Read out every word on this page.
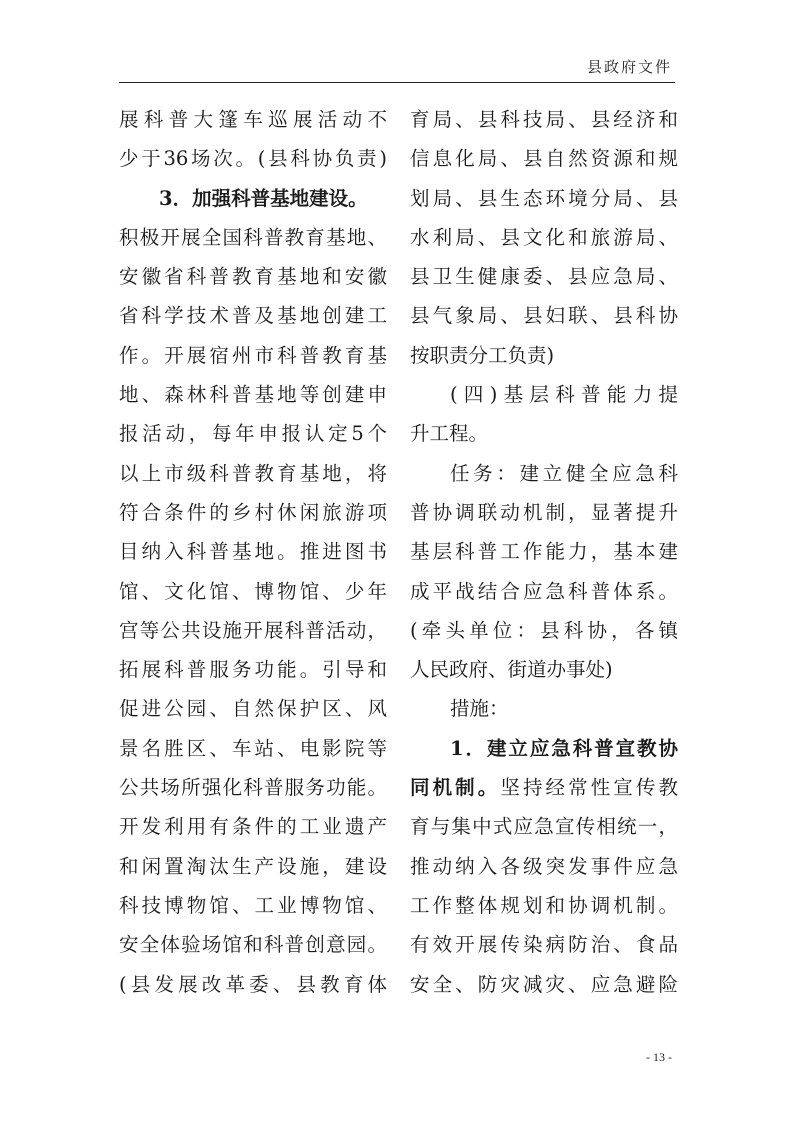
县政府文件
展科普大篷车巡展活动不
少于36场次。(县科协负责)
3．加强科普基地建设。
积极开展全国科普教育基地、
安徽省科普教育基地和安徽
省科学技术普及基地创建工
作。开展宿州市科普教育基
地、森林科普基地等创建申
报活动，每年申报认定5个
以上市级科普教育基地，将
符合条件的乡村休闲旅游项
目纳入科普基地。推进图书
馆、文化馆、博物馆、少年
宫等公共设施开展科普活动，
拓展科普服务功能。引导和
促进公园、自然保护区、风
景名胜区、车站、电影院等
公共场所强化科普服务功能。
开发利用有条件的工业遗产
和闲置淘汰生产设施，建设
科技博物馆、工业博物馆、
安全体验场馆和科普创意园。
(县发展改革委、县教育体
育局、县科技局、县经济和
信息化局、县自然资源和规
划局、县生态环境分局、县
水利局、县文化和旅游局、
县卫生健康委、县应急局、
县气象局、县妇联、县科协
按职责分工负责)
(四)基层科普能力提
升工程。
任务：建立健全应急科
普协调联动机制，显著提升
基层科普工作能力，基本建
成平战结合应急科普体系。
(牵头单位：县科协，各镇
人民政府、街道办事处)
措施：
1．建立应急科普宣教协
同机制。坚持经常性宣传教
育与集中式应急宣传相统一，
推动纳入各级突发事件应急
工作整体规划和协调机制。
有效开展传染病防治、食品
安全、防灾减灾、应急避险
- 13 -
